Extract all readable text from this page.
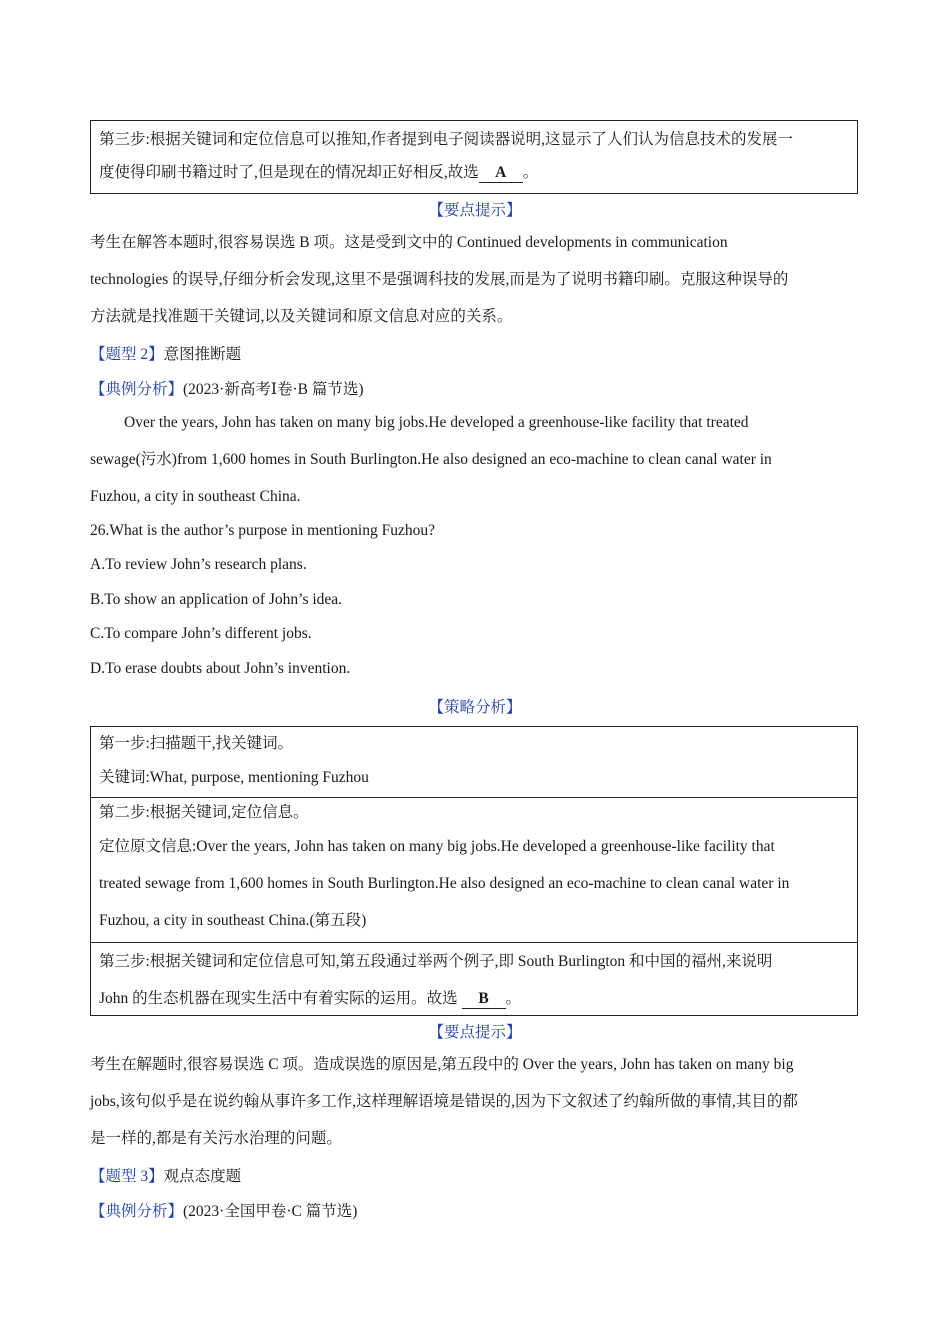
第三步:根据关键词和定位信息可以推知,作者提到电子阅读器说明,这显示了人们认为信息技术的发展一
度使得印刷书籍过时了,但是现在的情况却正好相反,故选 A 。
【要点提示】
考生在解答本题时,很容易误选 B 项。这是受到文中的 Continued developments in communication
technologies 的误导,仔细分析会发现,这里不是强调科技的发展,而是为了说明书籍印刷。克服这种误导的
方法就是找准题干关键词,以及关键词和原文信息对应的关系。
【题型 2】意图推断题
【典例分析】(2023·新高考Ⅰ卷·B 篇节选)
Over the years, John has taken on many big jobs.He developed a greenhouse-like facility that treated
sewage(污水)from 1,600 homes in South Burlington.He also designed an eco-machine to clean canal water in
Fuzhou, a city in southeast China.
26.What is the author’s purpose in mentioning Fuzhou?
A.To review John’s research plans.
B.To show an application of John’s idea.
C.To compare John’s different jobs.
D.To erase doubts about John’s invention.
【策略分析】
第一步:扫描题干,找关键词。
关键词:What, purpose, mentioning Fuzhou
第二步:根据关键词,定位信息。
定位原文信息:Over the years, John has taken on many big jobs.He developed a greenhouse-like facility that
treated sewage from 1,600 homes in South Burlington.He also designed an eco-machine to clean canal water in
Fuzhou, a city in southeast China.(第五段)
第三步:根据关键词和定位信息可知,第五段通过举两个例子,即 South Burlington 和中国的福州,来说明
John 的生态机器在现实生活中有着实际的运用。故选 B 。
【要点提示】
考生在解题时,很容易误选 C 项。造成误选的原因是,第五段中的 Over the years, John has taken on many big
jobs,该句似乎是在说约翰从事许多工作,这样理解语境是错误的,因为下文叙述了约翰所做的事情,其目的都
是一样的,都是有关污水治理的问题。
【题型 3】观点态度题
【典例分析】(2023·全国甲卷·C 篇节选)
